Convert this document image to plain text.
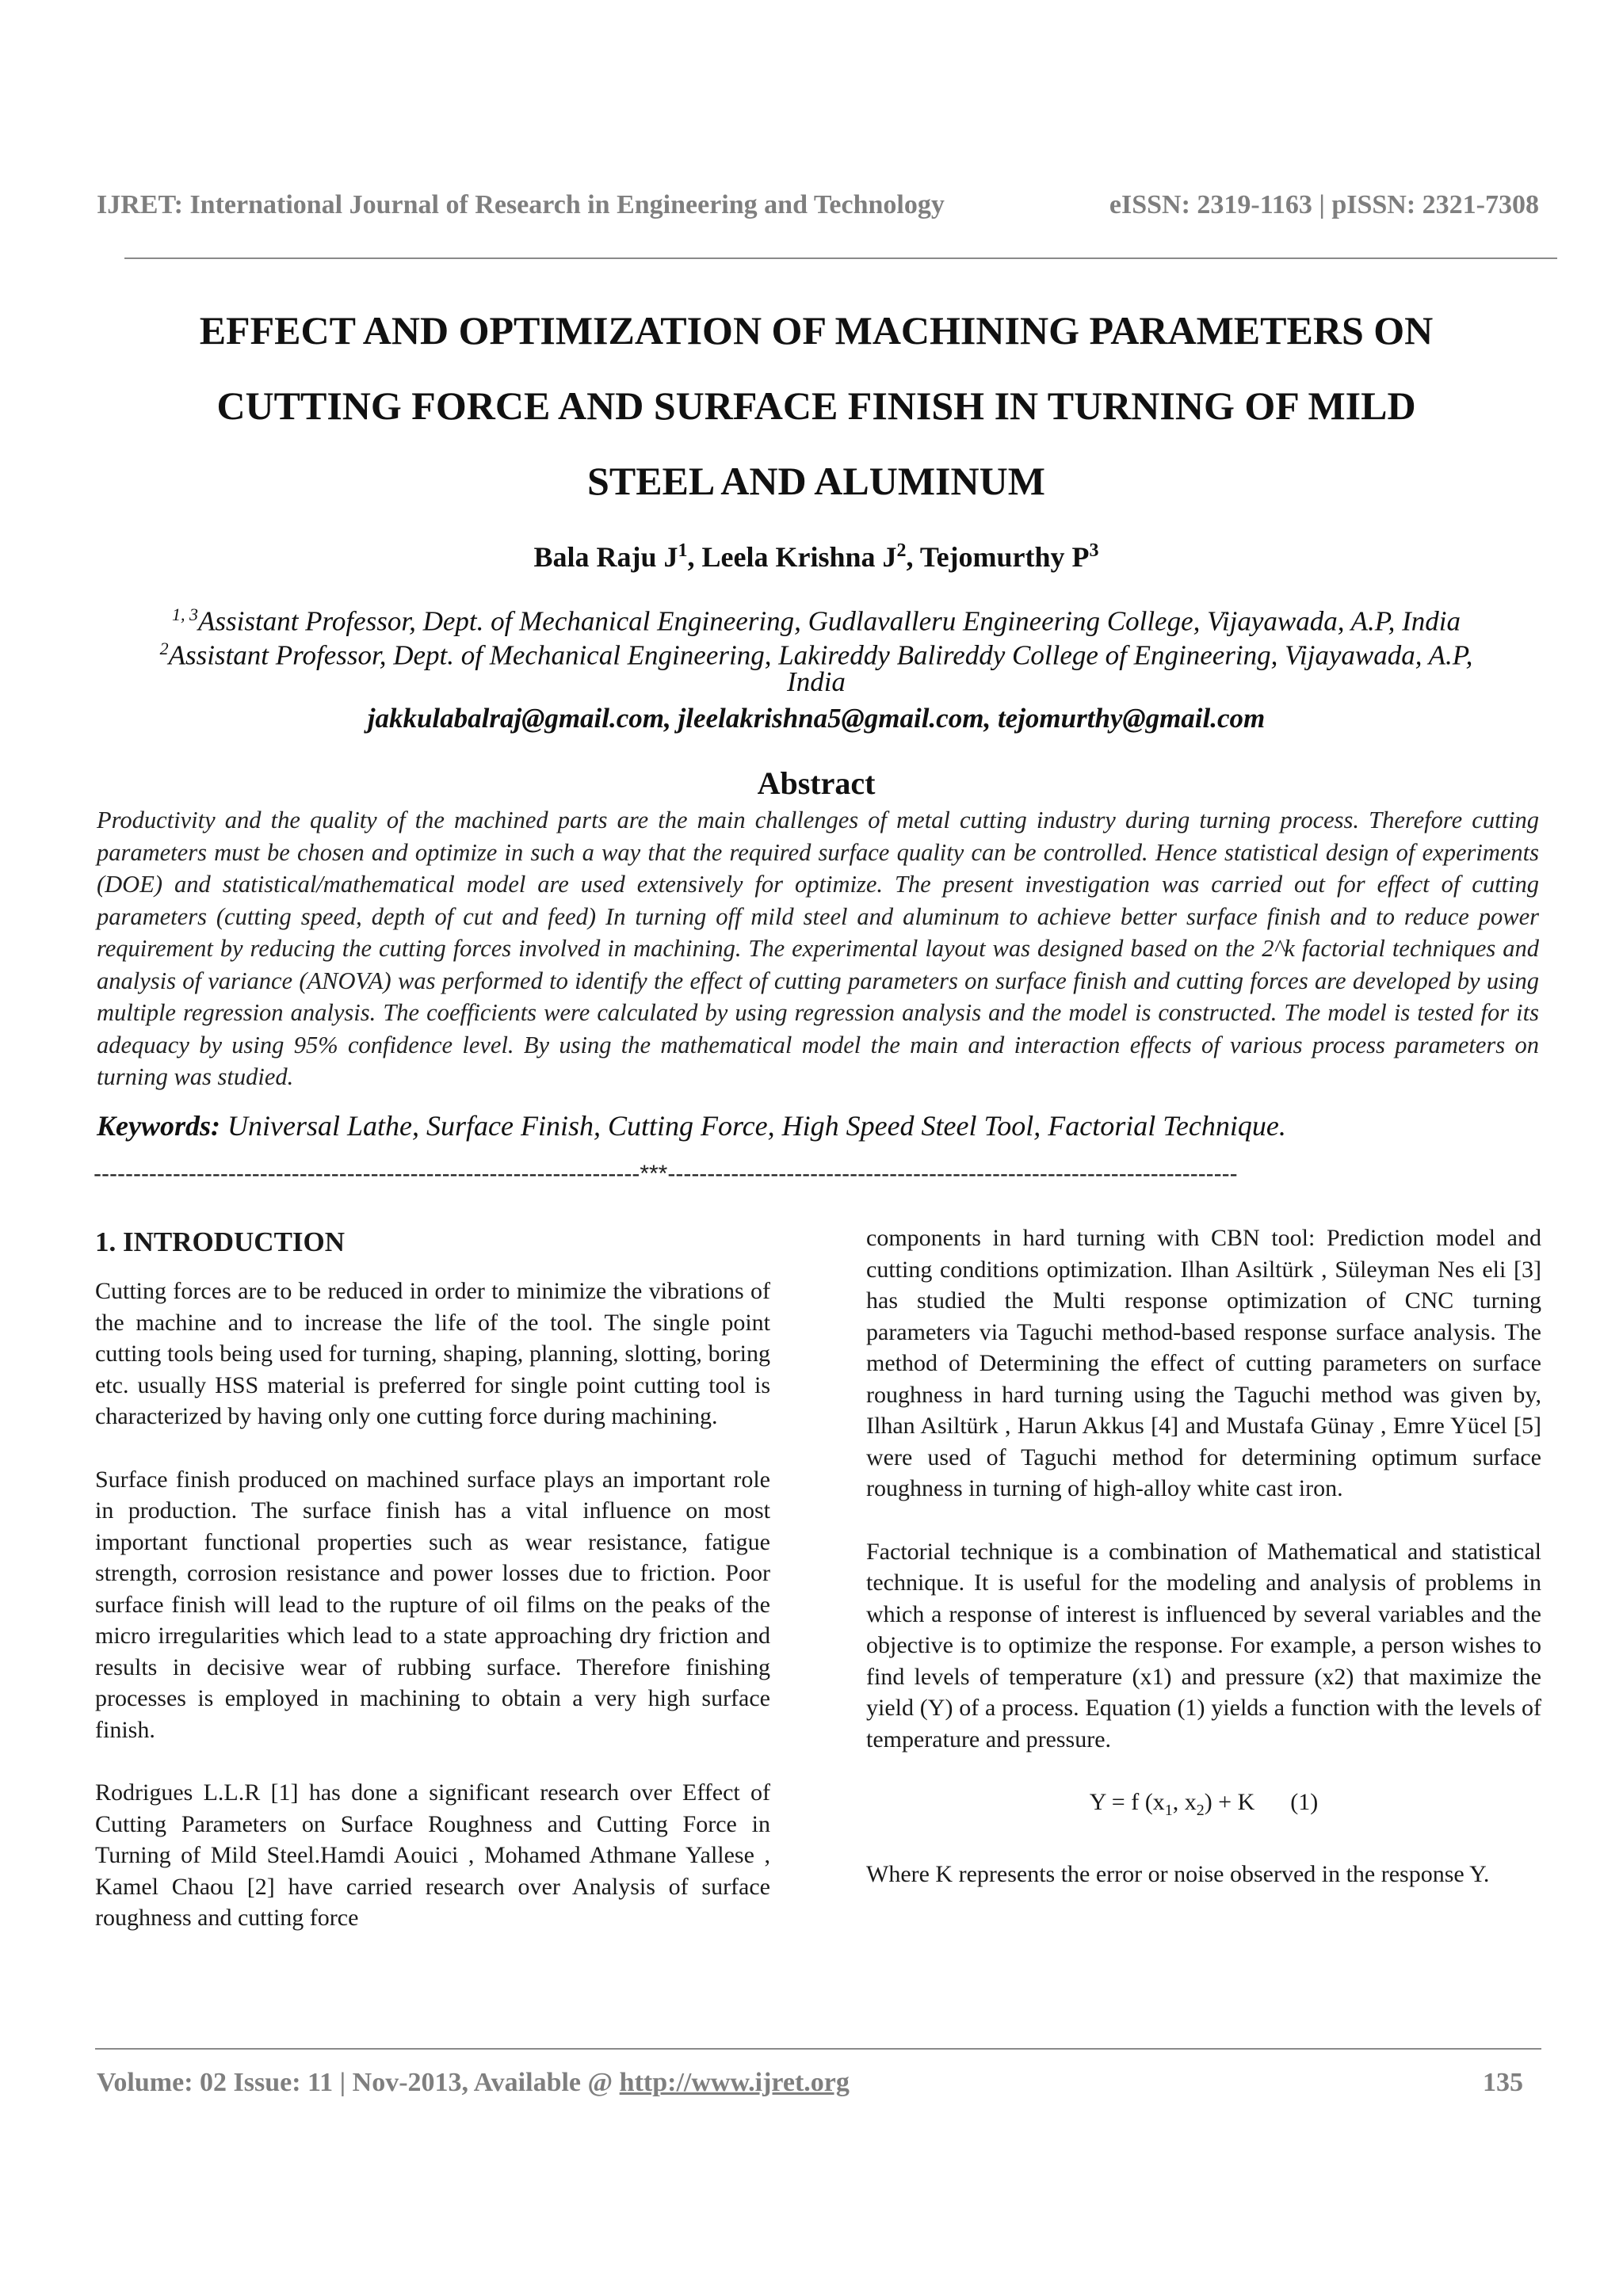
IJRET: International Journal of Research in Engineering and Technology	eISSN: 2319-1163 | pISSN: 2321-7308
EFFECT AND OPTIMIZATION OF MACHINING PARAMETERS ON
CUTTING FORCE AND SURFACE FINISH IN TURNING OF MILD
STEEL AND ALUMINUM
Bala Raju $J^1$, Leela Krishna $J^2$, Tejomurthy $P^3$
$^{1, 3}$Assistant Professor, Dept. of Mechanical Engineering, Gudlavalleru Engineering College, Vijayawada, A.P, India
$^2$Assistant Professor, Dept. of Mechanical Engineering, Lakireddy Balireddy College of Engineering, Vijayawada, A.P,
India
jakkulabalraj@gmail.com, jleelakrishna5@gmail.com, tejomurthy@gmail.com
Abstract
Productivity and the quality of the machined parts are the main challenges of metal cutting industry during turning process. Therefore cutting parameters must be chosen and optimize in such a way that the required surface quality can be controlled. Hence statistical design of experiments (DOE) and statistical/mathematical model are used extensively for optimize. The present investigation was carried out for effect of cutting parameters (cutting speed, depth of cut and feed) In turning off mild steel and aluminum to achieve better surface finish and to reduce power requirement by reducing the cutting forces involved in machining. The experimental layout was designed based on the 2^k factorial techniques and analysis of variance (ANOVA) was performed to identify the effect of cutting parameters on surface finish and cutting forces are developed by using multiple regression analysis. The coefficients were calculated by using regression analysis and the model is constructed. The model is tested for its adequacy by using 95% confidence level. By using the mathematical model the main and interaction effects of various process parameters on turning was studied.
Keywords: Universal Lathe, Surface Finish, Cutting Force, High Speed Steel Tool, Factorial Technique.
---------------------------------------------------------------------***------------------------------------------------------------------------
1. INTRODUCTION

Cutting forces are to be reduced in order to minimize the vibrations of the machine and to increase the life of the tool. The single point cutting tools being used for turning, shaping, planning, slotting, boring etc. usually HSS material is preferred for single point cutting tool is characterized by having only one cutting force during machining.

Surface finish produced on machined surface plays an important role in production. The surface finish has a vital influence on most important functional properties such as wear resistance, fatigue strength, corrosion resistance and power losses due to friction. Poor surface finish will lead to the rupture of oil films on the peaks of the micro irregularities which lead to a state approaching dry friction and results in decisive wear of rubbing surface. Therefore finishing processes is employed in machining to obtain a very high surface finish.

Rodrigues L.L.R [1] has done a significant research over Effect of Cutting Parameters on Surface Roughness and Cutting Force in Turning of Mild Steel.Hamdi Aouici , Mohamed Athmane Yallese , Kamel Chaou [2] have carried research over Analysis of surface roughness and cutting force

components in hard turning with CBN tool: Prediction model and cutting conditions optimization. Ilhan Asiltürk , Süleyman Nes eli [3] has studied the Multi response optimization of CNC turning parameters via Taguchi method-based response surface analysis. The method of Determining the effect of cutting parameters on surface roughness in hard turning using the Taguchi method was given by, Ilhan Asiltürk , Harun Akkus [4] and Mustafa Günay , Emre Yücel [5] were used of Taguchi method for determining optimum surface roughness in turning of high-alloy white cast iron.

Factorial technique is a combination of Mathematical and statistical technique. It is useful for the modeling and analysis of problems in which a response of interest is influenced by several variables and the objective is to optimize the response. For example, a person wishes to find levels of temperature (x1) and pressure (x2) that maximize the yield (Y) of a process. Equation (1) yields a function with the levels of temperature and pressure.

Y = f ($x_1$, $x_2) + K$      (1)

Where K represents the error or noise observed in the response Y.

Volume: 02 Issue: 11 | Nov-2013, Available @ http://www.ijret.org	135
